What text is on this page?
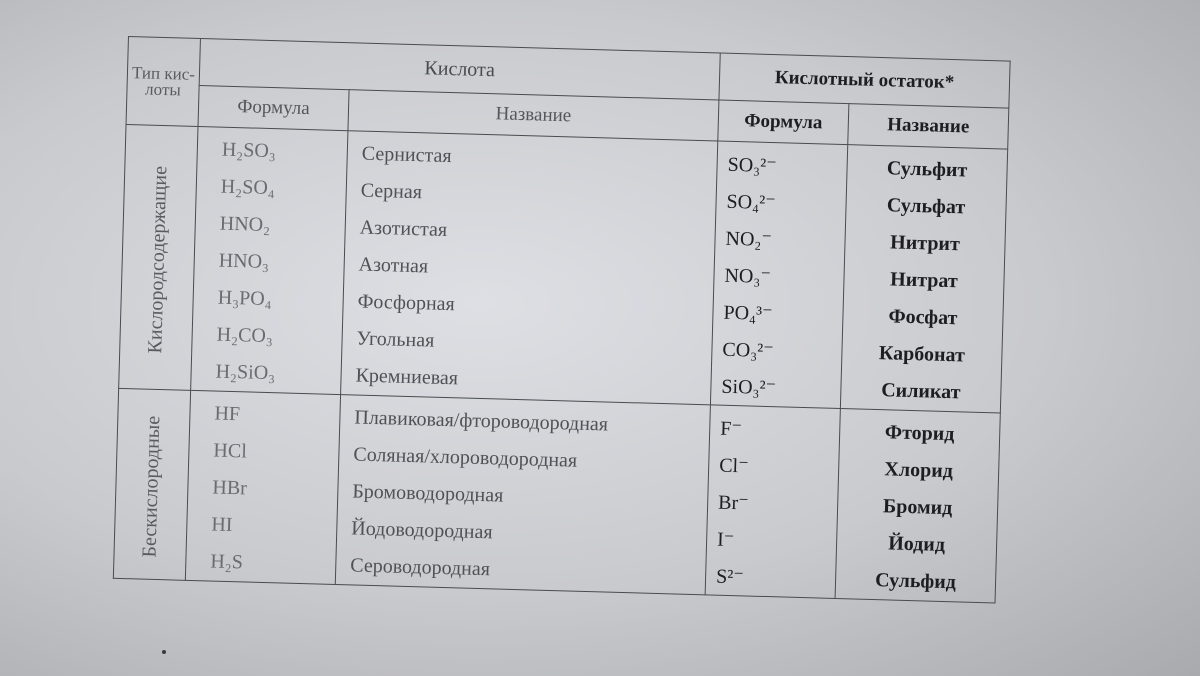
Тип кис- лоты	Кислота		Кислотный остаток*	
	Формула	Название	Формула	Название

Кислородсодержащие	H₂SO₃	Сернистая	SO₃²⁻	Сульфит
	H₂SO₄	Серная	SO₄²⁻	Сульфат
	HNO₂	Азотистая	NO₂⁻	Нитрит
	HNO₃	Азотная	NO₃⁻	Нитрат
	H₃PO₄	Фосфорная	PO₄³⁻	Фосфат
	H₂CO₃	Угольная	CO₃²⁻	Карбонат
	H₂SiO₃	Кремниевая	SiO₃²⁻	Силикат

Бескислородные	HF	Плавиковая/фтороводородная	F⁻	Фторид
	HCl	Соляная/хлороводородная	Cl⁻	Хлорид
	HBr	Бромоводородная	Br⁻	Бромид
	HI	Йодоводородная	I⁻	Йодид
	H₂S	Сероводородная	S²⁻	Сульфид
